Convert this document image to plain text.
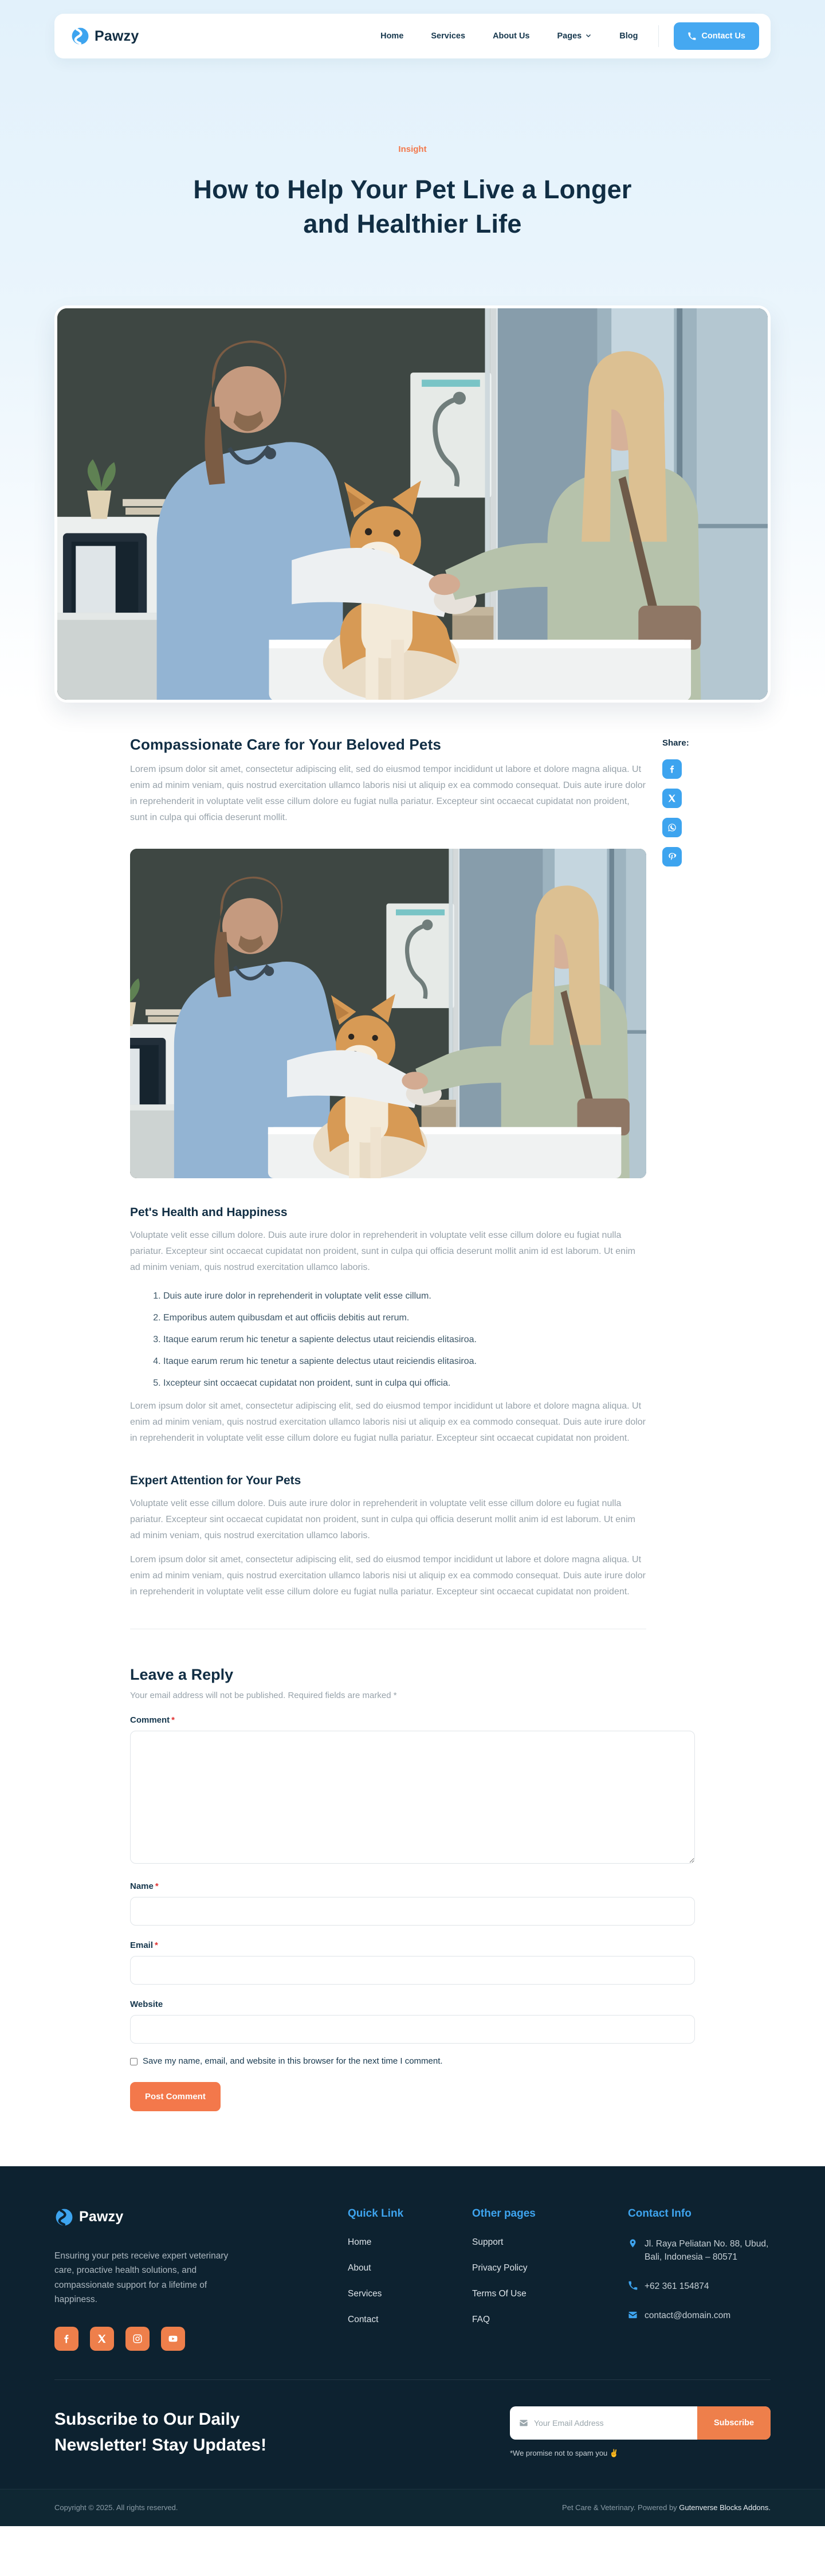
Pawzy	Home	Services	About Us	Pages	Blog	Contact Us
Insight
How to Help Your Pet Live a Longer and Healthier Life
Compassionate Care for Your Beloved Pets

Lorem ipsum dolor sit amet, consectetur adipiscing elit, sed do eiusmod tempor incididunt ut labore et dolore magna aliqua. Ut enim ad minim veniam, quis nostrud exercitation ullamco laboris nisi ut aliquip ex ea commodo consequat. Duis aute irure dolor in reprehenderit in voluptate velit esse cillum dolore eu fugiat nulla pariatur. Excepteur sint occaecat cupidatat non proident, sunt in culpa qui officia deserunt mollit.

Pet's Health and Happiness

Voluptate velit esse cillum dolore. Duis aute irure dolor in reprehenderit in voluptate velit esse cillum dolore eu fugiat nulla pariatur. Excepteur sint occaecat cupidatat non proident, sunt in culpa qui officia deserunt mollit anim id est laborum. Ut enim ad minim veniam, quis nostrud exercitation ullamco laboris.

1. Duis aute irure dolor in reprehenderit in voluptate velit esse cillum.
2. Emporibus autem quibusdam et aut officiis debitis aut rerum.
3. Itaque earum rerum hic tenetur a sapiente delectus utaut reiciendis elitasiroa.
4. Itaque earum rerum hic tenetur a sapiente delectus utaut reiciendis elitasiroa.
5. Ixcepteur sint occaecat cupidatat non proident, sunt in culpa qui officia.

Lorem ipsum dolor sit amet, consectetur adipiscing elit, sed do eiusmod tempor incididunt ut labore et dolore magna aliqua. Ut enim ad minim veniam, quis nostrud exercitation ullamco laboris nisi ut aliquip ex ea commodo consequat. Duis aute irure dolor in reprehenderit in voluptate velit esse cillum dolore eu fugiat nulla pariatur. Excepteur sint occaecat cupidatat non proident.

Expert Attention for Your Pets

Voluptate velit esse cillum dolore. Duis aute irure dolor in reprehenderit in voluptate velit esse cillum dolore eu fugiat nulla pariatur. Excepteur sint occaecat cupidatat non proident, sunt in culpa qui officia deserunt mollit anim id est laborum. Ut enim ad minim veniam, quis nostrud exercitation ullamco laboris.

Lorem ipsum dolor sit amet, consectetur adipiscing elit, sed do eiusmod tempor incididunt ut labore et dolore magna aliqua. Ut enim ad minim veniam, quis nostrud exercitation ullamco laboris nisi ut aliquip ex ea commodo consequat. Duis aute irure dolor in reprehenderit in voluptate velit esse cillum dolore eu fugiat nulla pariatur. Excepteur sint occaecat cupidatat non proident.

Share:
Leave a Reply

Your email address will not be published. Required fields are marked *

Comment *
Name *
Email *
Website
Save my name, email, and website in this browser for the next time I comment.
Post Comment
Pawzy

Ensuring your pets receive expert veterinary care, proactive health solutions, and compassionate support for a lifetime of happiness.

Quick Link
Home
About
Services
Contact
Other pages
Support
Privacy Policy
Terms Of Use
FAQ
Contact Info
Jl. Raya Peliatan No. 88, Ubud, Bali, Indonesia – 80571
+62 361 154874
contact@domain.com
Subscribe to Our Daily Newsletter! Stay Updates!
Your Email Address
Subscribe
*We promise not to spam you ✌️
Copyright © 2025. All rights reserved.	Pet Care & Veterinary. Powered by Gutenverse Blocks Addons.
